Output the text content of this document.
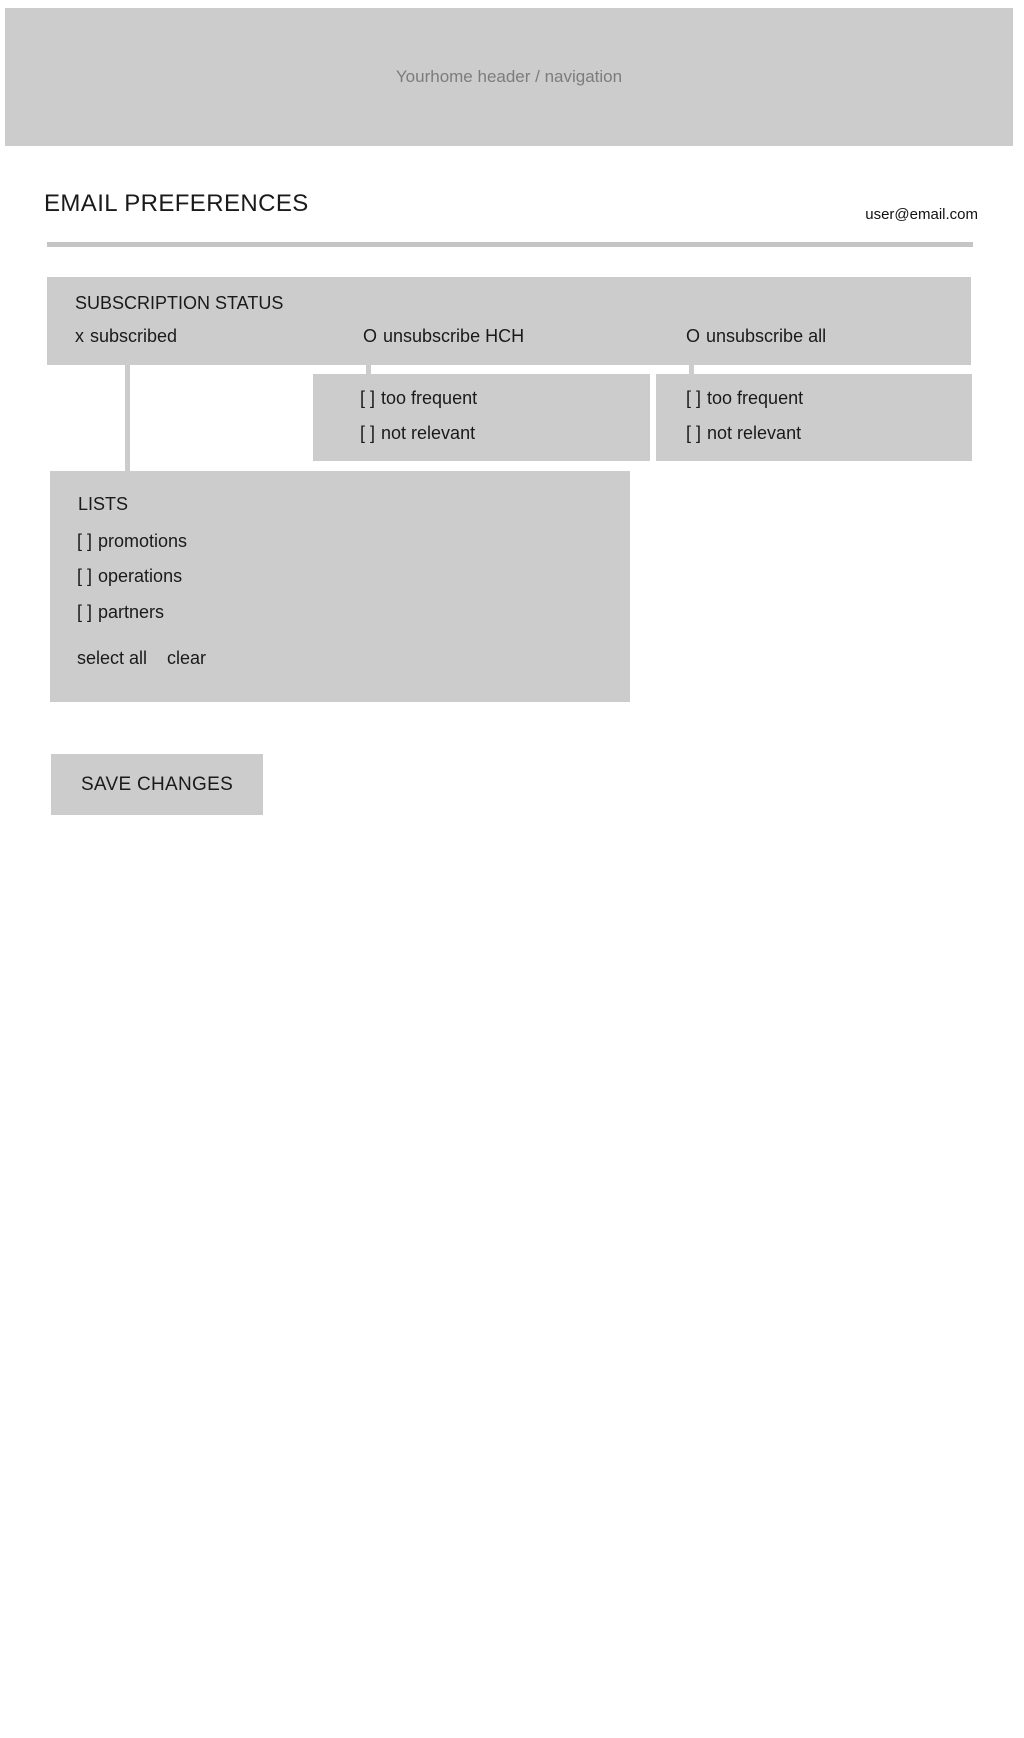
Yourhome header / navigation
EMAIL PREFERENCES	user@email.com
SUBSCRIPTION STATUS
x subscribed	O unsubscribe HCH	O unsubscribe all
[ ] too frequent
[ ] not relevant
[ ] too frequent
[ ] not relevant
LISTS
[ ] promotions
[ ] operations
[ ] partners
select all clear
SAVE CHANGES
